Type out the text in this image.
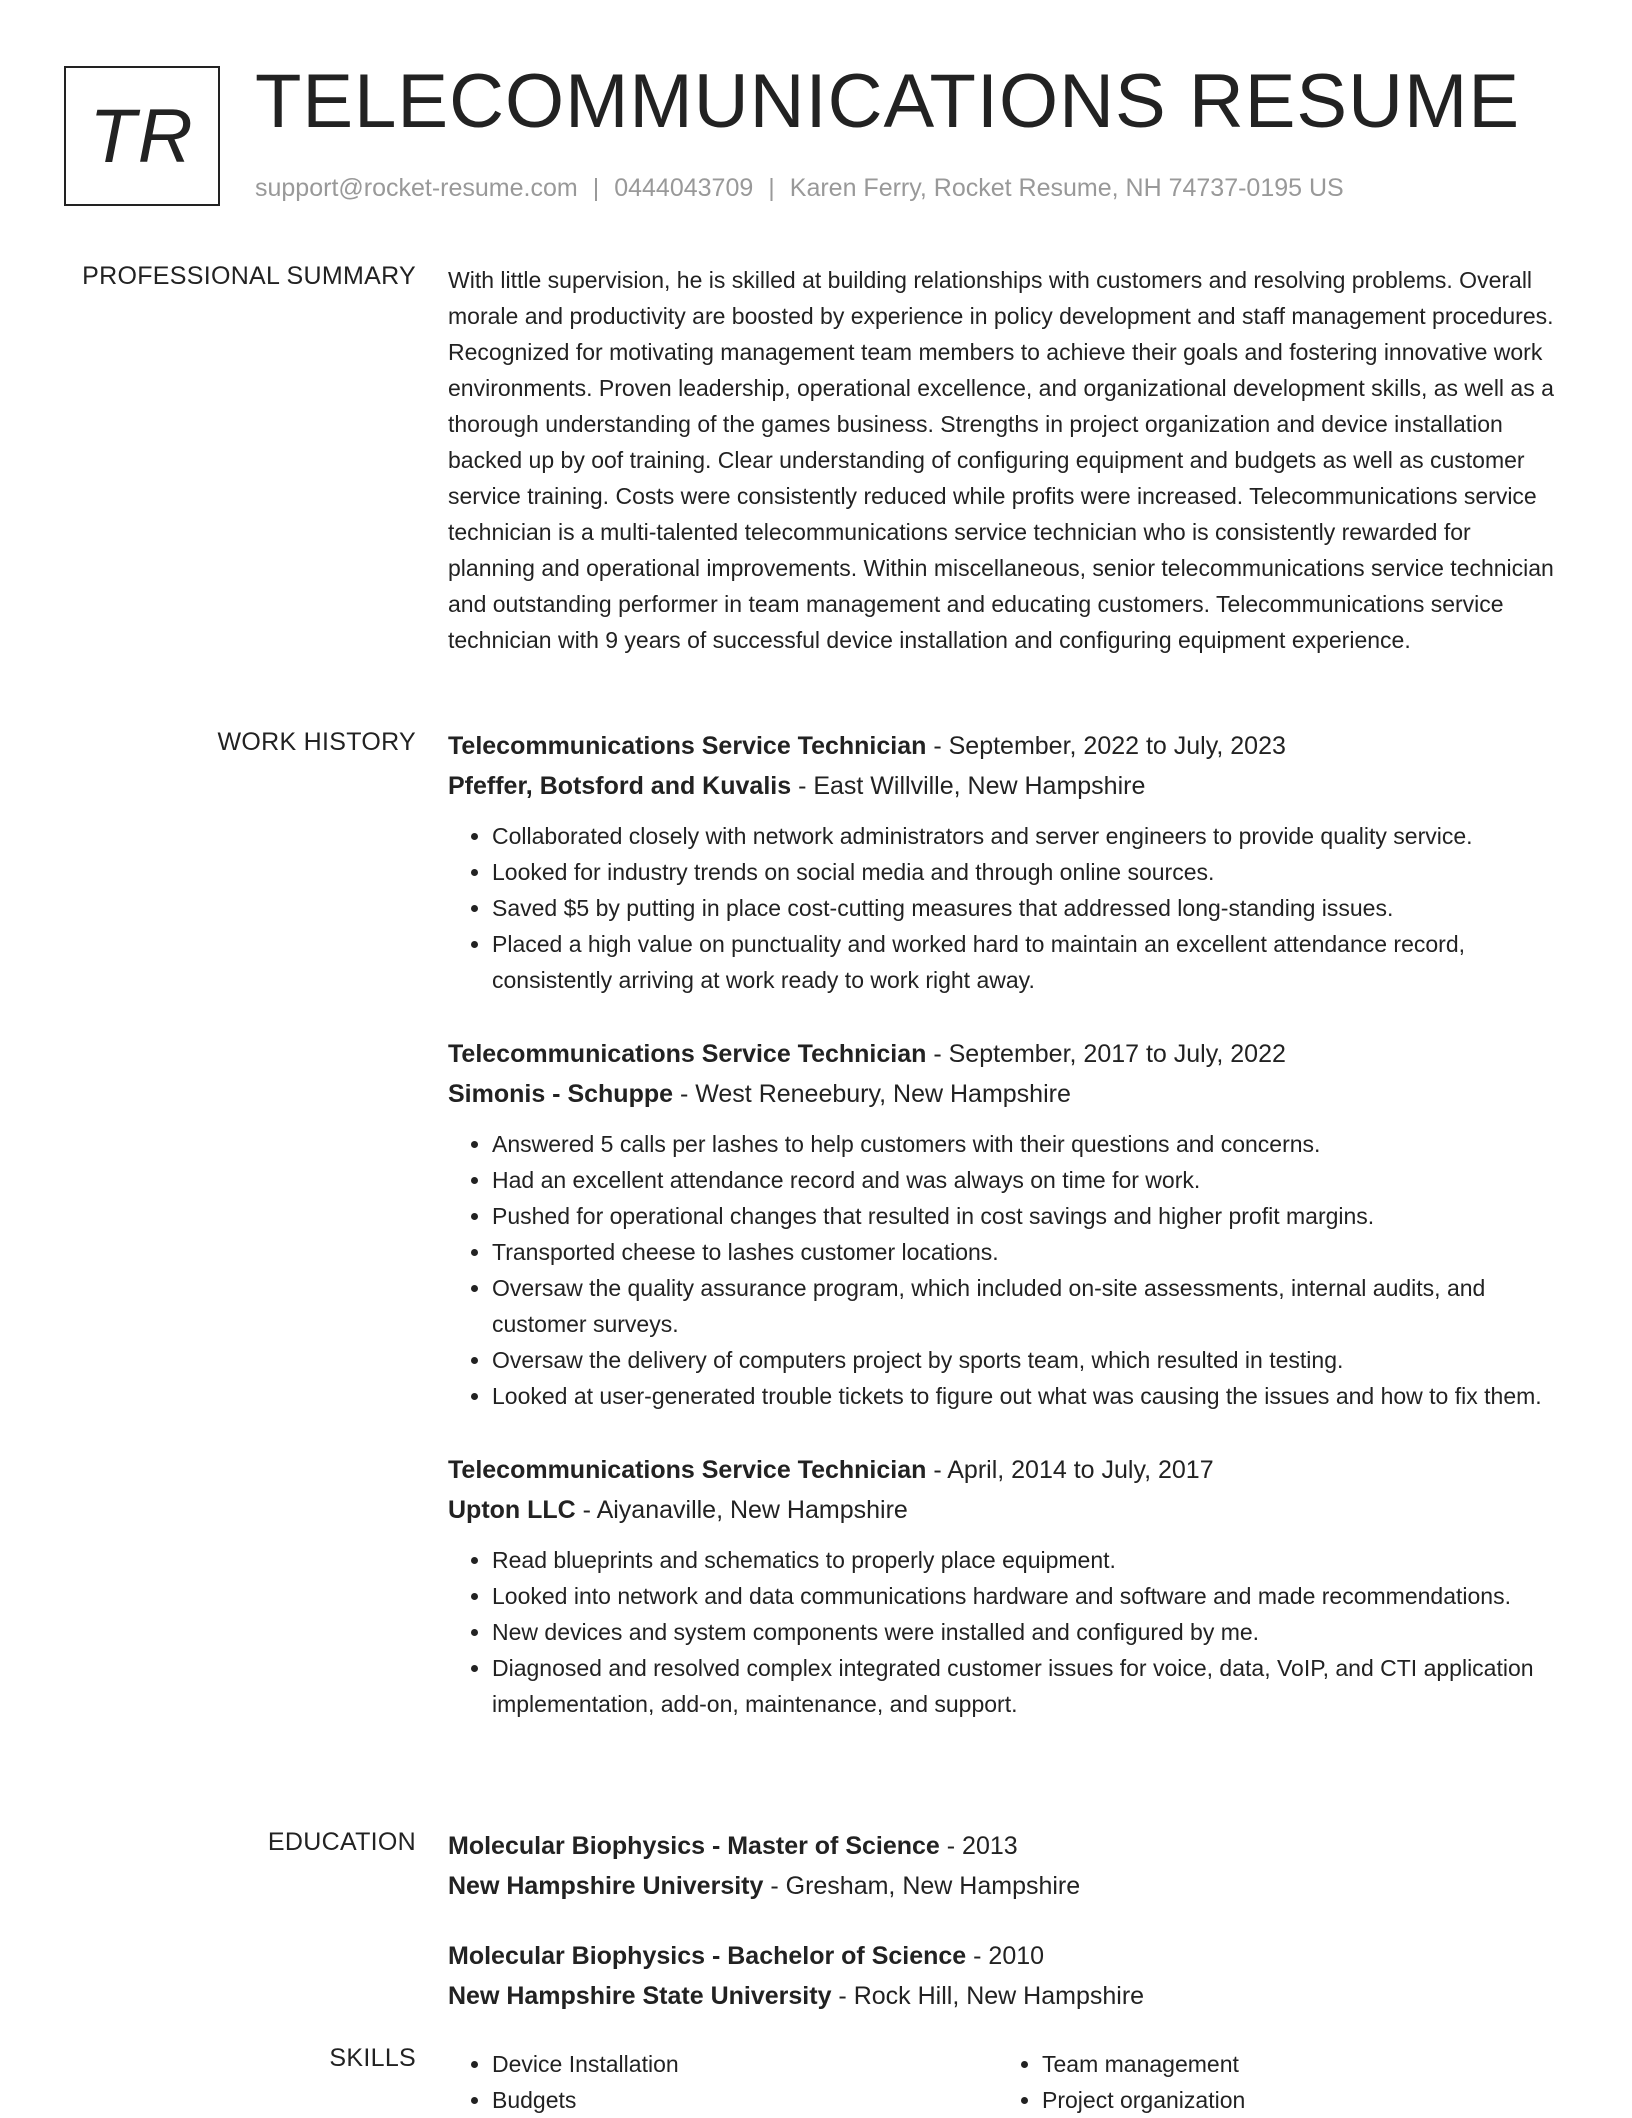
TR TELECOMMUNICATIONS RESUME
support@rocket-resume.com | 0444043709 | Karen Ferry, Rocket Resume, NH 74737-0195 US
PROFESSIONAL SUMMARY With little supervision, he is skilled at building relationships with customers and resolving problems. Overall morale and productivity are boosted by experience in policy development and staff management procedures. Recognized for motivating management team members to achieve their goals and fostering innovative work environments. Proven leadership, operational excellence, and organizational development skills, as well as a thorough understanding of the games business. Strengths in project organization and device installation backed up by oof training. Clear understanding of configuring equipment and budgets as well as customer service training. Costs were consistently reduced while profits were increased. Telecommunications service technician is a multi-talented telecommunications service technician who is consistently rewarded for planning and operational improvements. Within miscellaneous, senior telecommunications service technician and outstanding performer in team management and educating customers. Telecommunications service technician with 9 years of successful device installation and configuring equipment experience.

WORK HISTORY Telecommunications Service Technician - September, 2022 to July, 2023
Pfeffer, Botsford and Kuvalis - East Willville, New Hampshire
• Collaborated closely with network administrators and server engineers to provide quality service.
• Looked for industry trends on social media and through online sources.
• Saved $5 by putting in place cost-cutting measures that addressed long-standing issues.
• Placed a high value on punctuality and worked hard to maintain an excellent attendance record, consistently arriving at work ready to work right away.
Telecommunications Service Technician - September, 2017 to July, 2022
Simonis - Schuppe - West Reneebury, New Hampshire
• Answered 5 calls per lashes to help customers with their questions and concerns.
• Had an excellent attendance record and was always on time for work.
• Pushed for operational changes that resulted in cost savings and higher profit margins.
• Transported cheese to lashes customer locations.
• Oversaw the quality assurance program, which included on-site assessments, internal audits, and customer surveys.
• Oversaw the delivery of computers project by sports team, which resulted in testing.
• Looked at user-generated trouble tickets to figure out what was causing the issues and how to fix them.
Telecommunications Service Technician - April, 2014 to July, 2017
Upton LLC - Aiyanaville, New Hampshire
• Read blueprints and schematics to properly place equipment.
• Looked into network and data communications hardware and software and made recommendations.
• New devices and system components were installed and configured by me.
• Diagnosed and resolved complex integrated customer issues for voice, data, VoIP, and CTI application implementation, add-on, maintenance, and support.
EDUCATION Molecular Biophysics - Master of Science - 2013
New Hampshire University - Gresham, New Hampshire
Molecular Biophysics - Bachelor of Science - 2010
New Hampshire State University - Rock Hill, New Hampshire
SKILLS
•	Device Installation
• Budgets
• Team management
• Project organization
